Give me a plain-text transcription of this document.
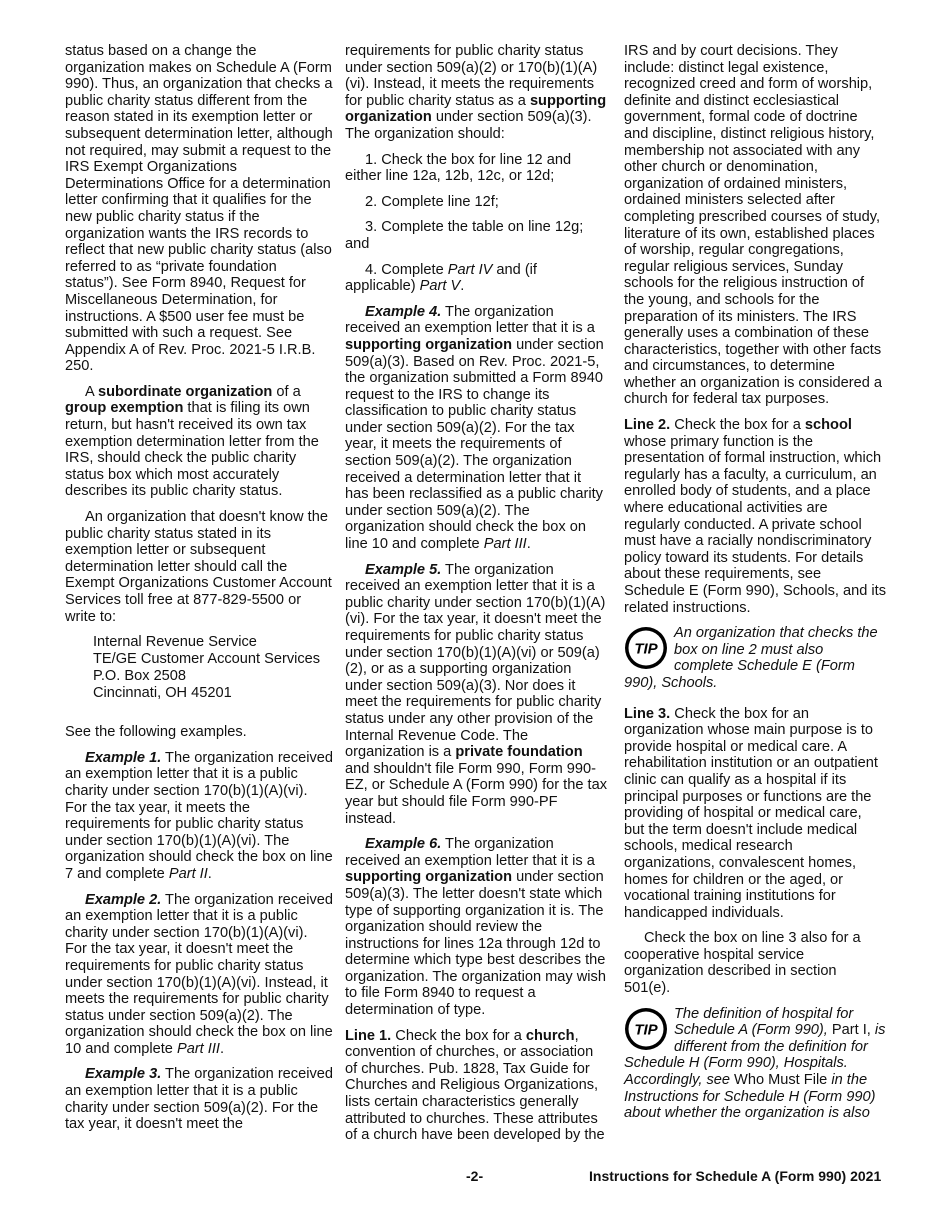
status based on a change the organization makes on Schedule A (Form 990). Thus, an organization that checks a public charity status different from the reason stated in its exemption letter or subsequent determination letter, although not required, may submit a request to the IRS Exempt Organizations Determinations Office for a determination letter confirming that it qualifies for the new public charity status if the organization wants the IRS records to reflect that new public charity status (also referred to as “private foundation status”). See Form 8940, Request for Miscellaneous Determination, for instructions. A $500 user fee must be submitted with such a request. See Appendix A of Rev. Proc. 2021-5 I.R.B. 250.

A subordinate organization of a group exemption that is filing its own return, but hasn't received its own tax exemption determination letter from the IRS, should check the public charity status box which most accurately describes its public charity status.

An organization that doesn't know the public charity status stated in its exemption letter or subsequent determination letter should call the Exempt Organizations Customer Account Services toll free at 877-829-5500 or write to:

Internal Revenue Service
TE/GE Customer Account Services
P.O. Box 2508
Cincinnati, OH 45201

See the following examples.

Example 1. The organization received an exemption letter that it is a public charity under section 170(b)(1)(A)(vi). For the tax year, it meets the requirements for public charity status under section 170(b)(1)(A)(vi). The organization should check the box on line 7 and complete Part II.

Example 2. The organization received an exemption letter that it is a public charity under section 170(b)(1)(A)(vi). For the tax year, it doesn't meet the requirements for public charity status under section 170(b)(1)(A)(vi). Instead, it meets the requirements for public charity status under section 509(a)(2). The organization should check the box on line 10 and complete Part III.

Example 3. The organization received an exemption letter that it is a public charity under section 509(a)(2). For the tax year, it doesn't meet the

requirements for public charity status under section 509(a)(2) or 170(b)(1)(A)(vi). Instead, it meets the requirements for public charity status as a supporting organization under section 509(a)(3). The organization should:

1. Check the box for line 12 and either line 12a, 12b, 12c, or 12d;

2. Complete line 12f;

3. Complete the table on line 12g; and

4. Complete Part IV and (if applicable) Part V.

Example 4. The organization received an exemption letter that it is a supporting organization under section 509(a)(3). Based on Rev. Proc. 2021-5, the organization submitted a Form 8940 request to the IRS to change its classification to public charity status under section 509(a)(2). For the tax year, it meets the requirements of section 509(a)(2). The organization received a determination letter that it has been reclassified as a public charity under section 509(a)(2). The organization should check the box on line 10 and complete Part III.

Example 5. The organization received an exemption letter that it is a public charity under section 170(b)(1)(A)(vi). For the tax year, it doesn't meet the requirements for public charity status under section 170(b)(1)(A)(vi) or 509(a)(2), or as a supporting organization under section 509(a)(3). Nor does it meet the requirements for public charity status under any other provision of the Internal Revenue Code. The organization is a private foundation and shouldn't file Form 990, Form 990-EZ, or Schedule A (Form 990) for the tax year but should file Form 990-PF instead.

Example 6. The organization received an exemption letter that it is a supporting organization under section 509(a)(3). The letter doesn't state which type of supporting organization it is. The organization should review the instructions for lines 12a through 12d to determine which type best describes the organization. The organization may wish to file Form 8940 to request a determination of type.

Line 1. Check the box for a church, convention of churches, or association of churches. Pub. 1828, Tax Guide for Churches and Religious Organizations, lists certain characteristics generally attributed to churches. These attributes of a church have been developed by the

IRS and by court decisions. They include: distinct legal existence, recognized creed and form of worship, definite and distinct ecclesiastical government, formal code of doctrine and discipline, distinct religious history, membership not associated with any other church or denomination, organization of ordained ministers, ordained ministers selected after completing prescribed courses of study, literature of its own, established places of worship, regular congregations, regular religious services, Sunday schools for the religious instruction of the young, and schools for the preparation of its ministers. The IRS generally uses a combination of these characteristics, together with other facts and circumstances, to determine whether an organization is considered a church for federal tax purposes.

Line 2. Check the box for a school whose primary function is the presentation of formal instruction, which regularly has a faculty, a curriculum, an enrolled body of students, and a place where educational activities are regularly conducted. A private school must have a racially nondiscriminatory policy toward its students. For details about these requirements, see Schedule E (Form 990), Schools, and its related instructions.

TIP
An organization that checks the box on line 2 must also complete Schedule E (Form 990), Schools.

Line 3. Check the box for an organization whose main purpose is to provide hospital or medical care. A rehabilitation institution or an outpatient clinic can qualify as a hospital if its principal purposes or functions are the providing of hospital or medical care, but the term doesn't include medical schools, medical research organizations, convalescent homes, homes for children or the aged, or vocational training institutions for handicapped individuals.

Check the box on line 3 also for a cooperative hospital service organization described in section 501(e).

TIP
The definition of hospital for Schedule A (Form 990), Part I, is different from the definition for Schedule H (Form 990), Hospitals. Accordingly, see Who Must File in the Instructions for Schedule H (Form 990) about whether the organization is also
-2-	Instructions for Schedule A (Form 990) 2021
